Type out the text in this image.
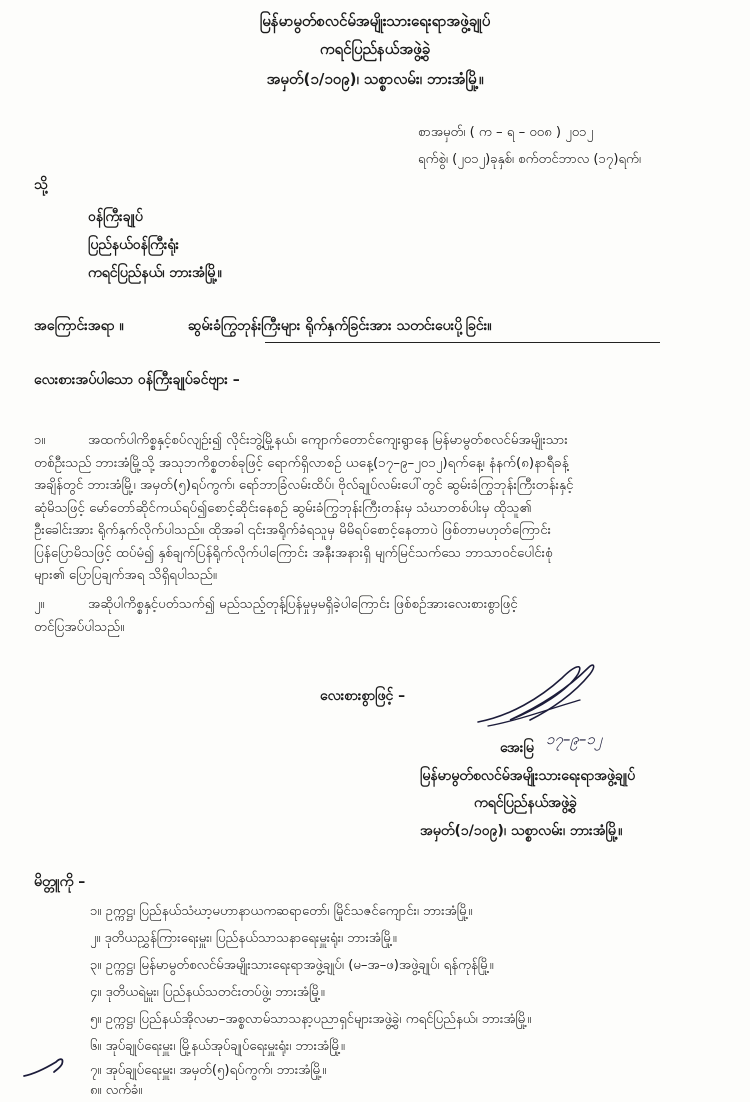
မြန်မာမွတ်စလင်မ်အမျိုးသားရေးရာအဖွဲ့ချုပ်
ကရင်ပြည်နယ်အဖွဲ့ခွဲ
အမှတ်(၁/၁၀၉)၊ သစ္စာလမ်း၊ ဘားအံမြို့။
စာအမှတ်၊ ( က – ရ – ၀၀၈ ) ၂၀၁၂
ရက်စွဲ၊ (၂၀၁၂)ခုနှစ်၊ စက်တင်ဘာလ (၁၇)ရက်၊
သို့
ဝန်ကြီးချုပ်
ပြည်နယ်ဝန်ကြီးရုံး
ကရင်ပြည်နယ်၊ ဘားအံမြို့။
အကြောင်းအရာ ။	ဆွမ်းခံကြွဘုန်းကြီးများ ရိုက်နှက်ခြင်းအား သတင်းပေးပို့ခြင်း။
လေးစားအပ်ပါသော ဝန်ကြီးချုပ်ခင်ဗျား –
၁။	အထက်ပါကိစ္စနှင့်စပ်လျဉ်း၍ လိုင်းဘွဲ့မြို့နယ်၊ ကျောက်တောင်ကျေးရွာနေ မြန်မာမွတ်စလင်မ်အမျိုးသား
တစ်ဦးသည် ဘားအံမြို့သို့ အသုဘကိစ္စတစ်ခုဖြင့် ရောက်ရှိလာစဉ် ယနေ့(၁၇–၉–၂၀၁၂)ရက်နေ့၊ နံနက်(၈)နာရီခန့်
အချိန်တွင် ဘားအံမြို့၊ အမှတ်(၅)ရပ်ကွက်၊ ရော်ဘာခြံလမ်းထိပ်၊ ဗိုလ်ချုပ်လမ်းပေါ်တွင် ဆွမ်းခံကြွဘုန်းကြီးတန်းနှင့်
ဆုံမိသဖြင့် မော်တော်ဆိုင်ကယ်ရပ်၍စောင့်ဆိုင်းနေစဉ် ဆွမ်းခံကြွဘုန်းကြီးတန်းမှ သံဃာတစ်ပါးမှ ထိုသူ၏
ဦးခေါင်းအား ရိုက်နှက်လိုက်ပါသည်။ ထိုအခါ ၎င်းအရိုက်ခံရသူမှ မိမိရပ်စောင့်နေတာပဲ ဖြစ်တာမဟုတ်ကြောင်း
ပြန်ပြောမိသဖြင့် ထပ်မံ၍ နှစ်ချက်ပြန်ရိုက်လိုက်ပါကြောင်း အနီးအနားရှိ မျက်မြင်သက်သေ ဘာသာဝင်ပေါင်းစုံ
များ၏ ပြောပြချက်အရ သိရှိရပါသည်။
၂။	အဆိုပါကိစ္စနှင့်ပတ်သက်၍ မည်သည့်တုန့်ပြန်မှုမှမရှိခဲ့ပါကြောင်း ဖြစ်စဉ်အားလေးစားစွာဖြင့်
တင်ပြအပ်ပါသည်။
လေးစားစွာဖြင့် –
အေးမြ ၁၇–၉–၁၂
မြန်မာမွတ်စလင်မ်အမျိုးသားရေးရာအဖွဲ့ချုပ်
ကရင်ပြည်နယ်အဖွဲ့ခွဲ
အမှတ်(၁/၁၀၉)၊ သစ္စာလမ်း၊ ဘားအံမြို့။
မိတ္တူကို –
၁။ ဥက္ကဋ္ဌ၊ ပြည်နယ်သံဃာ့မဟာနာယကဆရာတော်၊ မြိုင်သဇင်ကျောင်း၊ ဘားအံမြို့။
၂။ ဒုတိယညွှန်ကြားရေးမှူး၊ ပြည်နယ်သာသနာရေးမှူးရုံး၊ ဘားအံမြို့။
၃။ ဥက္ကဋ္ဌ၊ မြန်မာမွတ်စလင်မ်အမျိုးသားရေးရာအဖွဲ့ချုပ်၊ (မ–အ–ဖ)အဖွဲ့ချုပ်၊ ရန်ကုန်မြို့။
၄။ ဒုတိယရဲမှူး၊ ပြည်နယ်သတင်းတပ်ဖွဲ့၊ ဘားအံမြို့။
၅။ ဥက္ကဋ္ဌ၊ ပြည်နယ်အိုလမာ–အစ္စလာမ်သာသနာ့ပညာရှင်များအဖွဲ့ခွဲ၊ ကရင်ပြည်နယ်၊ ဘားအံမြို့။
၆။ အုပ်ချုပ်ရေးမှူး၊ မြို့နယ်အုပ်ချုပ်ရေးမှူးရုံး၊ ဘားအံမြို့။
၇။ အုပ်ချုပ်ရေးမှူး၊ အမှတ်(၅)ရပ်ကွက်၊ ဘားအံမြို့။
၈။ လက်ခံ။
